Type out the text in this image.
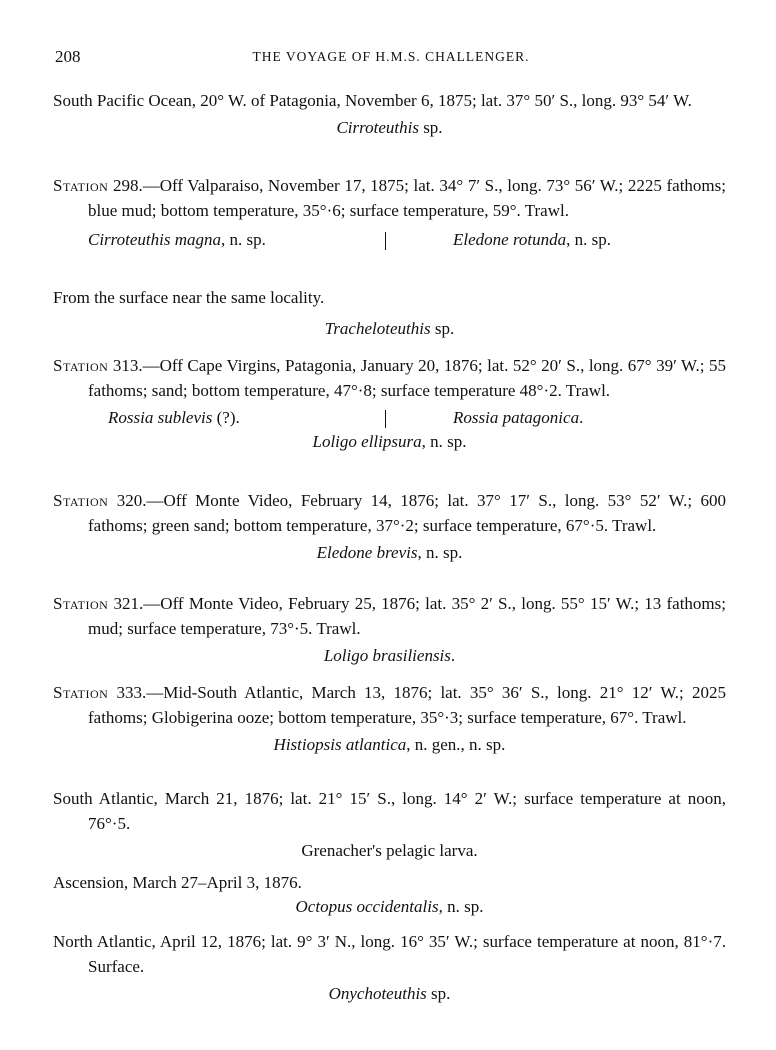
208	THE VOYAGE OF H.M.S. CHALLENGER.

South Pacific Ocean, 20° W. of Patagonia, November 6, 1875; lat. 37° 50′ S., long. 93° 54′ W.

Cirroteuthis sp.

Station 298.—Off Valparaiso, November 17, 1875; lat. 34° 7′ S., long. 73° 56′ W.; 2225 fathoms; blue mud; bottom temperature, 35°·6; surface temperature, 59°. Trawl.

Cirroteuthis magna, n. sp.	Eledone rotunda, n. sp.

From the surface near the same locality.

Tracheloteuthis sp.

Station 313.—Off Cape Virgins, Patagonia, January 20, 1876; lat. 52° 20′ S., long. 67° 39′ W.; 55 fathoms; sand; bottom temperature, 47°·8; surface temperature 48°·2. Trawl.

Rossia sublevis (?).	Rossia patagonica.

Loligo ellipsura, n. sp.

Station 320.—Off Monte Video, February 14, 1876; lat. 37° 17′ S., long. 53° 52′ W.; 600 fathoms; green sand; bottom temperature, 37°·2; surface temperature, 67°·5. Trawl.

Eledone brevis, n. sp.

Station 321.—Off Monte Video, February 25, 1876; lat. 35° 2′ S., long. 55° 15′ W.; 13 fathoms; mud; surface temperature, 73°·5. Trawl.

Loligo brasiliensis.

Station 333.—Mid-South Atlantic, March 13, 1876; lat. 35° 36′ S., long. 21° 12′ W.; 2025 fathoms; Globigerina ooze; bottom temperature, 35°·3; surface temperature, 67°. Trawl.

Histiopsis atlantica, n. gen., n. sp.

South Atlantic, March 21, 1876; lat. 21° 15′ S., long. 14° 2′ W.; surface temperature at noon, 76°·5.

Grenacher's pelagic larva.

Ascension, March 27–April 3, 1876.

Octopus occidentalis, n. sp.

North Atlantic, April 12, 1876; lat. 9° 3′ N., long. 16° 35′ W.; surface temperature at noon, 81°·7. Surface.

Onychoteuthis sp.
